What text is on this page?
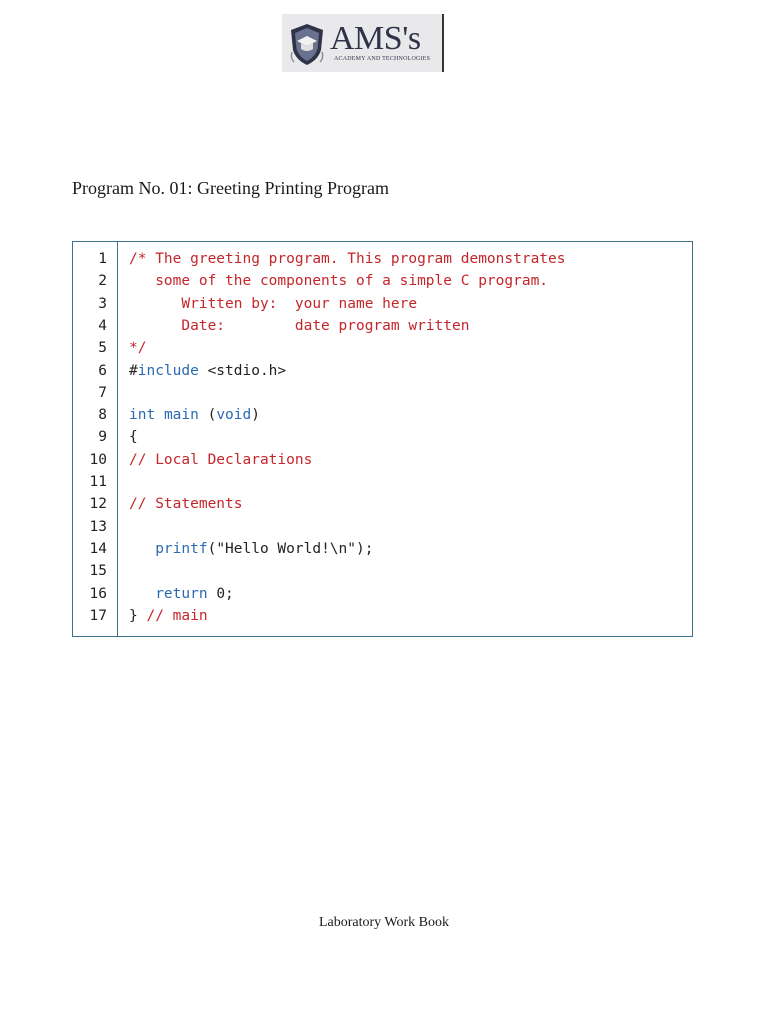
AMS's
ACADEMY AND TECHNOLOGIES
Program No. 01: Greeting Printing Program
1
2
3
4
5
6
7
8
9
10
11
12
13
14
15
16
17
/* The greeting program. This program demonstrates
some of the components of a simple C program.
Written by:  your name here
Date:        date program written
*/
#include <stdio.h>
int main (void)
{
// Local Declarations
// Statements
printf("Hello World!\n");
return 0;
} // main
Laboratory Work Book
